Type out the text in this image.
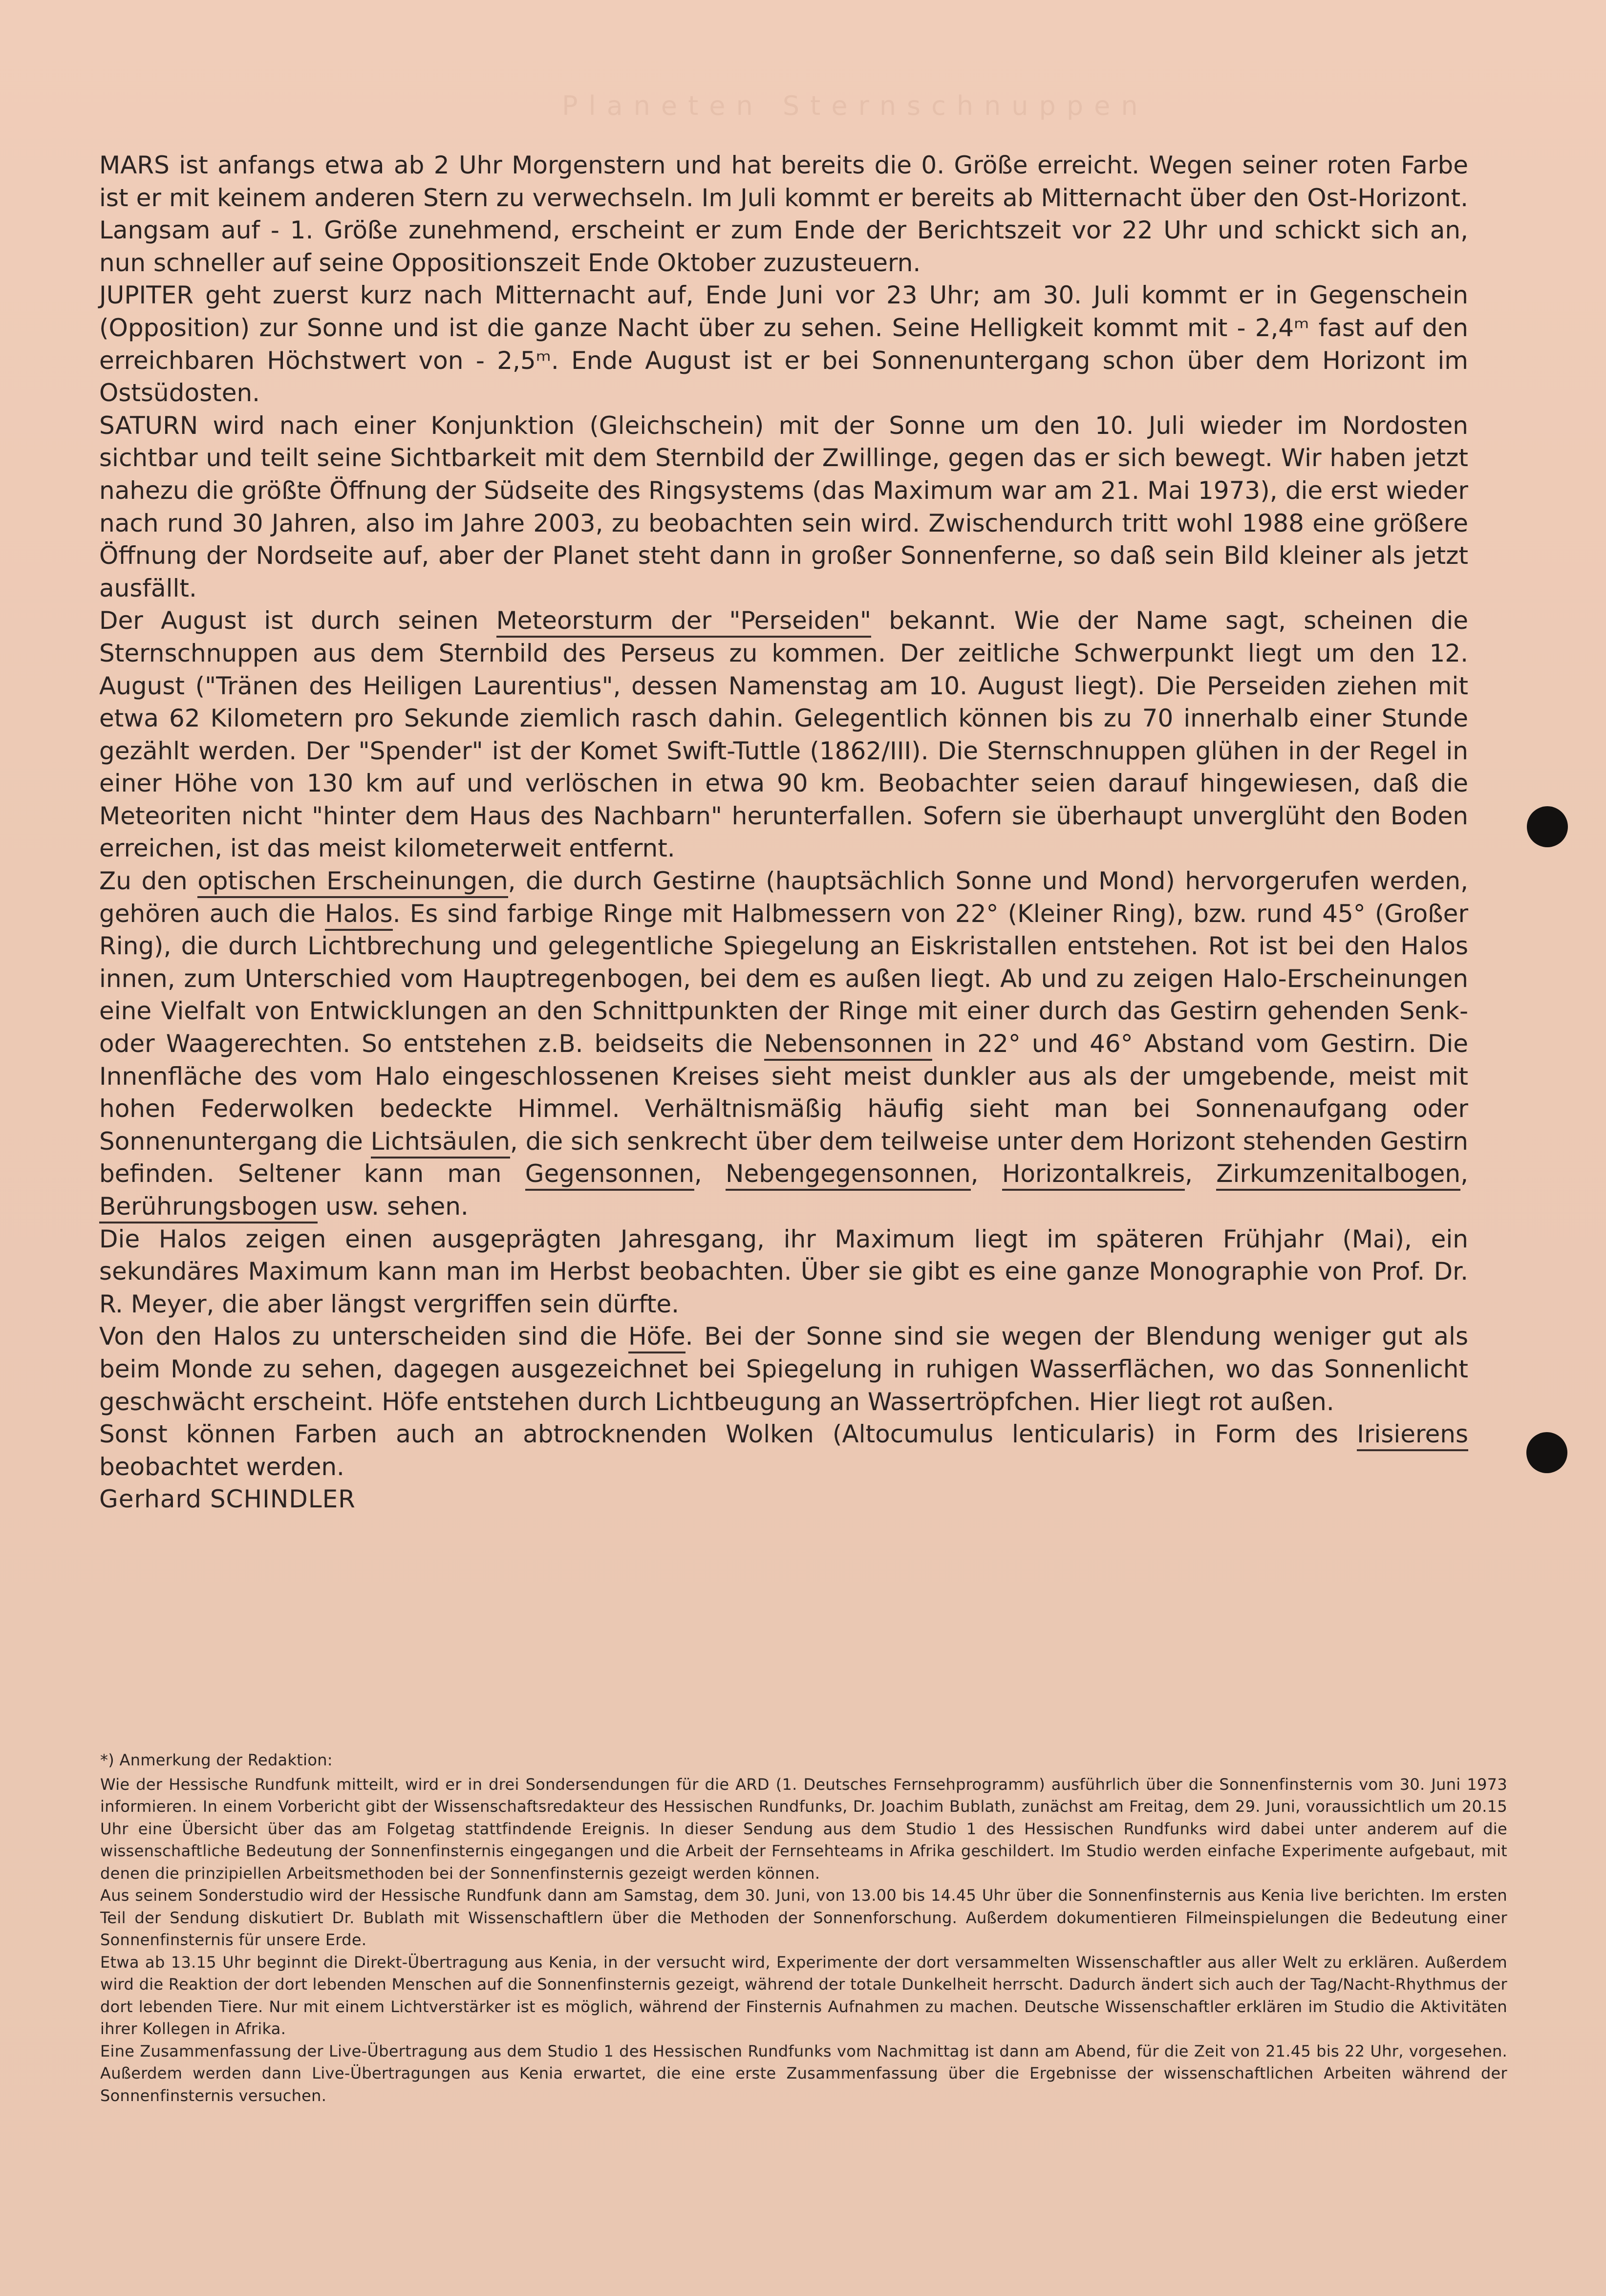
Planeten Sternschnuppen

MARS ist anfangs etwa ab 2 Uhr Morgenstern und hat bereits die 0. Größe erreicht. Wegen seiner roten Farbe ist er mit keinem anderen Stern zu verwechseln. Im Juli kommt er bereits ab Mitternacht über den Ost-Horizont. Langsam auf - 1. Größe zunehmend, erscheint er zum Ende der Berichtszeit vor 22 Uhr und schickt sich an, nun schneller auf seine Oppositionszeit Ende Oktober zuzusteuern.

JUPITER geht zuerst kurz nach Mitternacht auf, Ende Juni vor 23 Uhr; am 30. Juli kommt er in Gegenschein (Opposition) zur Sonne und ist die ganze Nacht über zu sehen. Seine Helligkeit kommt mit - 2,4ᵐ fast auf den erreichbaren Höchstwert von - 2,5ᵐ. Ende August ist er bei Sonnenuntergang schon über dem Horizont im Ostsüdosten.

SATURN wird nach einer Konjunktion (Gleichschein) mit der Sonne um den 10. Juli wieder im Nordosten sichtbar und teilt seine Sichtbarkeit mit dem Sternbild der Zwillinge, gegen das er sich bewegt. Wir haben jetzt nahezu die größte Öffnung der Südseite des Ringsystems (das Maximum war am 21. Mai 1973), die erst wieder nach rund 30 Jahren, also im Jahre 2003, zu beobachten sein wird. Zwischendurch tritt wohl 1988 eine größere Öffnung der Nordseite auf, aber der Planet steht dann in großer Sonnenferne, so daß sein Bild kleiner als jetzt ausfällt.

Der August ist durch seinen Meteorsturm der "Perseiden" bekannt. Wie der Name sagt, scheinen die Sternschnuppen aus dem Sternbild des Perseus zu kommen. Der zeitliche Schwerpunkt liegt um den 12. August ("Tränen des Heiligen Laurentius", dessen Namenstag am 10. August liegt). Die Perseiden ziehen mit etwa 62 Kilometern pro Sekunde ziemlich rasch dahin. Gelegentlich können bis zu 70 innerhalb einer Stunde gezählt werden. Der "Spender" ist der Komet Swift-Tuttle (1862/III). Die Sternschnuppen glühen in der Regel in einer Höhe von 130 km auf und verlöschen in etwa 90 km. Beobachter seien darauf hingewiesen, daß die Meteoriten nicht "hinter dem Haus des Nachbarn" herunterfallen. Sofern sie überhaupt unverglüht den Boden erreichen, ist das meist kilometerweit entfernt.

Zu den optischen Erscheinungen, die durch Gestirne (hauptsächlich Sonne und Mond) hervorgerufen werden, gehören auch die Halos. Es sind farbige Ringe mit Halbmessern von 22° (Kleiner Ring), bzw. rund 45° (Großer Ring), die durch Lichtbrechung und gelegentliche Spiegelung an Eiskristallen entstehen. Rot ist bei den Halos innen, zum Unterschied vom Hauptregenbogen, bei dem es außen liegt. Ab und zu zeigen Halo-Erscheinungen eine Vielfalt von Entwicklungen an den Schnittpunkten der Ringe mit einer durch das Gestirn gehenden Senk- oder Waagerechten. So entstehen z.B. beidseits die Nebensonnen in 22° und 46° Abstand vom Gestirn. Die Innenfläche des vom Halo eingeschlossenen Kreises sieht meist dunkler aus als der umgebende, meist mit hohen Federwolken bedeckte Himmel. Verhältnismäßig häufig sieht man bei Sonnenaufgang oder Sonnenuntergang die Lichtsäulen, die sich senkrecht über dem teilweise unter dem Horizont stehenden Gestirn befinden. Seltener kann man Gegensonnen, Nebengegensonnen, Horizontalkreis, Zirkumzenitalbogen, Berührungsbogen usw. sehen.

Die Halos zeigen einen ausgeprägten Jahresgang, ihr Maximum liegt im späteren Frühjahr (Mai), ein sekundäres Maximum kann man im Herbst beobachten. Über sie gibt es eine ganze Monographie von Prof. Dr. R. Meyer, die aber längst vergriffen sein dürfte.

Von den Halos zu unterscheiden sind die Höfe. Bei der Sonne sind sie wegen der Blendung weniger gut als beim Monde zu sehen, dagegen ausgezeichnet bei Spiegelung in ruhigen Wasserflächen, wo das Sonnenlicht geschwächt erscheint. Höfe entstehen durch Lichtbeugung an Wassertröpfchen. Hier liegt rot außen.

Sonst können Farben auch an abtrocknenden Wolken (Altocumulus lenticularis) in Form des Irisierens beobachtet werden.

Gerhard SCHINDLER

*) Anmerkung der Redaktion:

Wie der Hessische Rundfunk mitteilt, wird er in drei Sondersendungen für die ARD (1. Deutsches Fernsehprogramm) ausführlich über die Sonnenfinsternis vom 30. Juni 1973 informieren. In einem Vorbericht gibt der Wissenschaftsredakteur des Hessischen Rundfunks, Dr. Joachim Bublath, zunächst am Freitag, dem 29. Juni, voraussichtlich um 20.15 Uhr eine Übersicht über das am Folgetag stattfindende Ereignis. In dieser Sendung aus dem Studio 1 des Hessischen Rundfunks wird dabei unter anderem auf die wissenschaftliche Bedeutung der Sonnenfinsternis eingegangen und die Arbeit der Fernsehteams in Afrika geschildert. Im Studio werden einfache Experimente aufgebaut, mit denen die prinzipiellen Arbeitsmethoden bei der Sonnenfinsternis gezeigt werden können.

Aus seinem Sonderstudio wird der Hessische Rundfunk dann am Samstag, dem 30. Juni, von 13.00 bis 14.45 Uhr über die Sonnenfinsternis aus Kenia live berichten. Im ersten Teil der Sendung diskutiert Dr. Bublath mit Wissenschaftlern über die Methoden der Sonnenforschung. Außerdem dokumentieren Filmeinspielungen die Bedeutung einer Sonnenfinsternis für unsere Erde.

Etwa ab 13.15 Uhr beginnt die Direkt-Übertragung aus Kenia, in der versucht wird, Experimente der dort versammelten Wissenschaftler aus aller Welt zu erklären. Außerdem wird die Reaktion der dort lebenden Menschen auf die Sonnenfinsternis gezeigt, während der totale Dunkelheit herrscht. Dadurch ändert sich auch der Tag/Nacht-Rhythmus der dort lebenden Tiere. Nur mit einem Lichtverstärker ist es möglich, während der Finsternis Aufnahmen zu machen. Deutsche Wissenschaftler erklären im Studio die Aktivitäten ihrer Kollegen in Afrika.

Eine Zusammenfassung der Live-Übertragung aus dem Studio 1 des Hessischen Rundfunks vom Nachmittag ist dann am Abend, für die Zeit von 21.45 bis 22 Uhr, vorgesehen. Außerdem werden dann Live-Übertragungen aus Kenia erwartet, die eine erste Zusammenfassung über die Ergebnisse der wissenschaftlichen Arbeiten während der Sonnenfinsternis versuchen.
